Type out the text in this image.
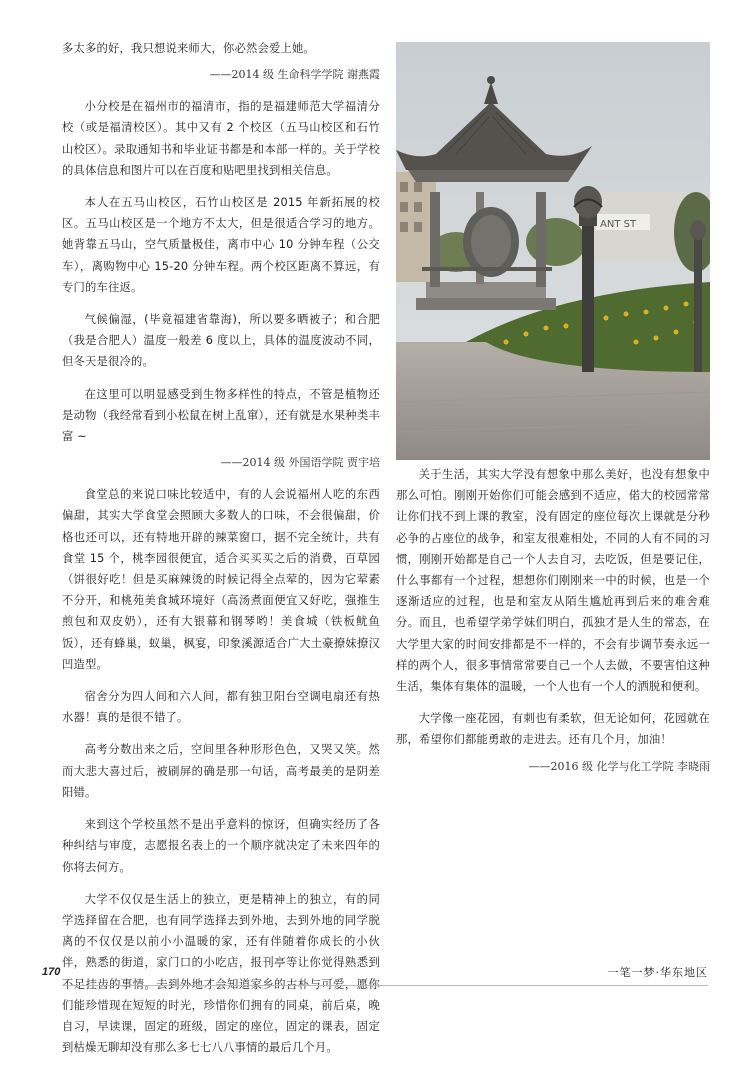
多太多的好，我只想说来师大，你必然会爱上她。

——2014 级 生命科学学院 谢燕霞

小分校是在福州市的福清市，指的是福建师范大学福清分校（或是福清校区）。其中又有 2 个校区（五马山校区和石竹山校区）。录取通知书和毕业证书都是和本部一样的。关于学校的具体信息和图片可以在百度和贴吧里找到相关信息。

本人在五马山校区，石竹山校区是 2015 年新拓展的校区。五马山校区是一个地方不太大，但是很适合学习的地方。她背靠五马山，空气质量极佳，离市中心 10 分钟车程（公交车），离购物中心 15-20 分钟车程。两个校区距离不算远，有专门的车往返。

气候偏湿，(毕竟福建省靠海)，所以要多晒被子；和合肥（我是合肥人）温度一般差 6 度以上，具体的温度波动不同，但冬天是很冷的。

在这里可以明显感受到生物多样性的特点，不管是植物还是动物（我经常看到小松鼠在树上乱窜），还有就是水果种类丰富 ~

——2014 级 外国语学院 贾宇培

食堂总的来说口味比较适中，有的人会说福州人吃的东西偏甜，其实大学食堂会照顾大多数人的口味，不会很偏甜，价格也还可以，还有特地开辟的辣菜窗口，据不完全统计，共有食堂 15 个，桃李园很便宜，适合买买买之后的消费，百草园（饼很好吃！但是买麻辣烫的时候记得全点荤的，因为它荤素不分开，和桃苑美食城环境好（高汤煮面便宜又好吃，强推生煎包和双皮奶），还有大银幕和钢琴哟！美食城（铁板鱿鱼饭），还有蜂巢，蚁巢，枫宴，印象溪源适合广大土豪撩妹撩汉凹造型。

宿舍分为四人间和六人间，都有独卫阳台空调电扇还有热水器！真的是很不错了。

高考分数出来之后，空间里各种形形色色，又哭又笑。然而大悲大喜过后，被刷屏的确是那一句话，高考最美的是阴差阳错。

来到这个学校虽然不是出乎意料的惊讶，但确实经历了各种纠结与审度，志愿报名表上的一个顺序就决定了未来四年的你将去何方。

大学不仅仅是生活上的独立，更是精神上的独立，有的同学选择留在合肥，也有同学选择去到外地，去到外地的同学脱离的不仅仅是以前小小温暖的家，还有伴随着你成长的小伙伴，熟悉的街道，家门口的小吃店，报刊亭等让你觉得熟悉到 们能珍惜现在短短的时光，珍惜你们拥有的同桌，前后桌，晚自习，早读课，固定的班级，固定的座位，固定的课表，固定到枯燥无聊却没有那么多七七八八事情的最后几个月。

ANT ST

关于生活，其实大学没有想象中那么美好，也没有想象中那么可怕。刚刚开始你们可能会感到不适应，偌大的校园常常让你们找不到上课的教室，没有固定的座位每次上课就是分秒必争的占座位的战争，和室友很难相处，不同的人有不同的习惯，刚刚开始都是自己一个人去自习，去吃饭，但是要记住，什么事都有一个过程，想想你们刚刚来一中的时候，也是一个逐渐适应的过程，也是和室友从陌生尴尬再到后来的难舍难分。而且，也希望学弟学妹们明白，孤独才是人生的常态，在大学里大家的时间安排都是不一样的，不会有步调节奏永远一样的两个人，很多事情常常要自己一个人去做，不要害怕这种生活，集体有集体的温暖，一个人也有一个人的洒脱和便利。

大学像一座花园，有刺也有柔软，但无论如何，花园就在那，希望你们都能勇敢的走进去。还有几个月，加油！

——2016 级 化学与化工学院 李晓雨
170	一笔一梦·华东地区
